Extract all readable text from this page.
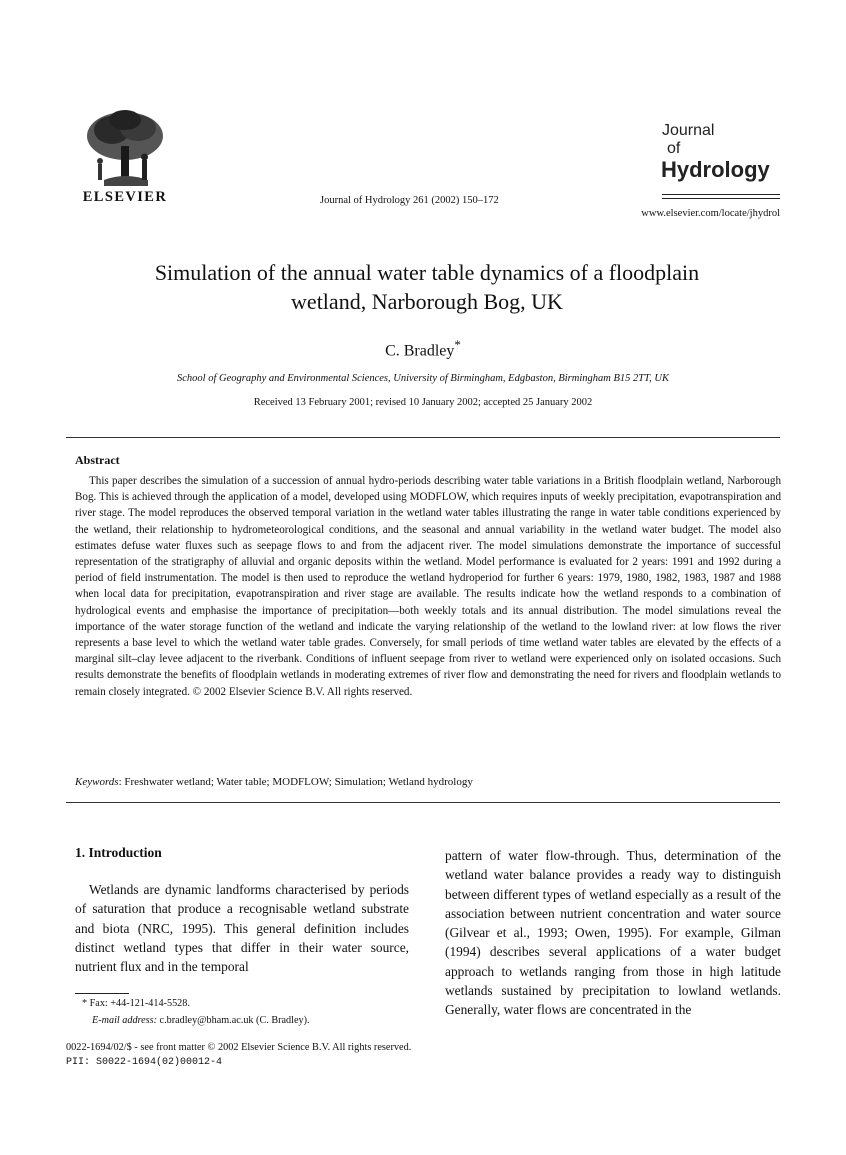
ELSEVIER	Journal of Hydrology 261 (2002) 150–172
Journal
of
Hydrology
www.elsevier.com/locate/jhydrol
Simulation of the annual water table dynamics of a floodplain
wetland, Narborough Bog, UK
C. Bradley*
School of Geography and Environmental Sciences, University of Birmingham, Edgbaston, Birmingham B15 2TT, UK
Received 13 February 2001; revised 10 January 2002; accepted 25 January 2002
Abstract
This paper describes the simulation of a succession of annual hydro-periods describing water table variations in a British floodplain wetland, Narborough Bog. This is achieved through the application of a model, developed using MODFLOW, which requires inputs of weekly precipitation, evapotranspiration and river stage. The model reproduces the observed temporal variation in the wetland water tables illustrating the range in water table conditions experienced by the wetland, their relationship to hydrometeorological conditions, and the seasonal and annual variability in the wetland water budget. The model also estimates defuse water fluxes such as seepage flows to and from the adjacent river. The model simulations demonstrate the importance of successful representation of the stratigraphy of alluvial and organic deposits within the wetland. Model performance is evaluated for 2 years: 1991 and 1992 during a period of field instrumentation. The model is then used to reproduce the wetland hydroperiod for further 6 years: 1979, 1980, 1982, 1983, 1987 and 1988 when local data for precipitation, evapotranspiration and river stage are available. The results indicate how the wetland responds to a combination of hydrological events and emphasise the importance of precipitation—both weekly totals and its annual distribution. The model simulations reveal the importance of the water storage function of the wetland and indicate the varying relationship of the wetland to the lowland river: at low flows the river represents a base level to which the wetland water table grades. Conversely, for small periods of time wetland water tables are elevated by the effects of a marginal silt–clay levee adjacent to the riverbank. Conditions of influent seepage from river to wetland were experienced only on isolated occasions. Such results demonstrate the benefits of floodplain wetlands in moderating extremes of river flow and demonstrating the need for rivers and floodplain wetlands to remain closely integrated. © 2002 Elsevier Science B.V. All rights reserved.
Keywords: Freshwater wetland; Water table; MODFLOW; Simulation; Wetland hydrology
1. Introduction
Wetlands are dynamic landforms characterised by periods of saturation that produce a recognisable wetland substrate and biota (NRC, 1995). This general definition includes distinct wetland types that differ in their water source, nutrient flux and in the temporal
pattern of water flow-through. Thus, determination of the wetland water balance provides a ready way to distinguish between different types of wetland especially as a result of the association between nutrient concentration and water source (Gilvear et al., 1993; Owen, 1995). For example, Gilman (1994) describes several applications of a water budget approach to wetlands ranging from those in high latitude wetlands sustained by precipitation to lowland wetlands. Generally, water flows are concentrated in the
* Fax: +44-121-414-5528.
E-mail address: c.bradley@bham.ac.uk (C. Bradley).
0022-1694/02/$ - see front matter © 2002 Elsevier Science B.V. All rights reserved.
PII: S0022-1694(02)00012-4
